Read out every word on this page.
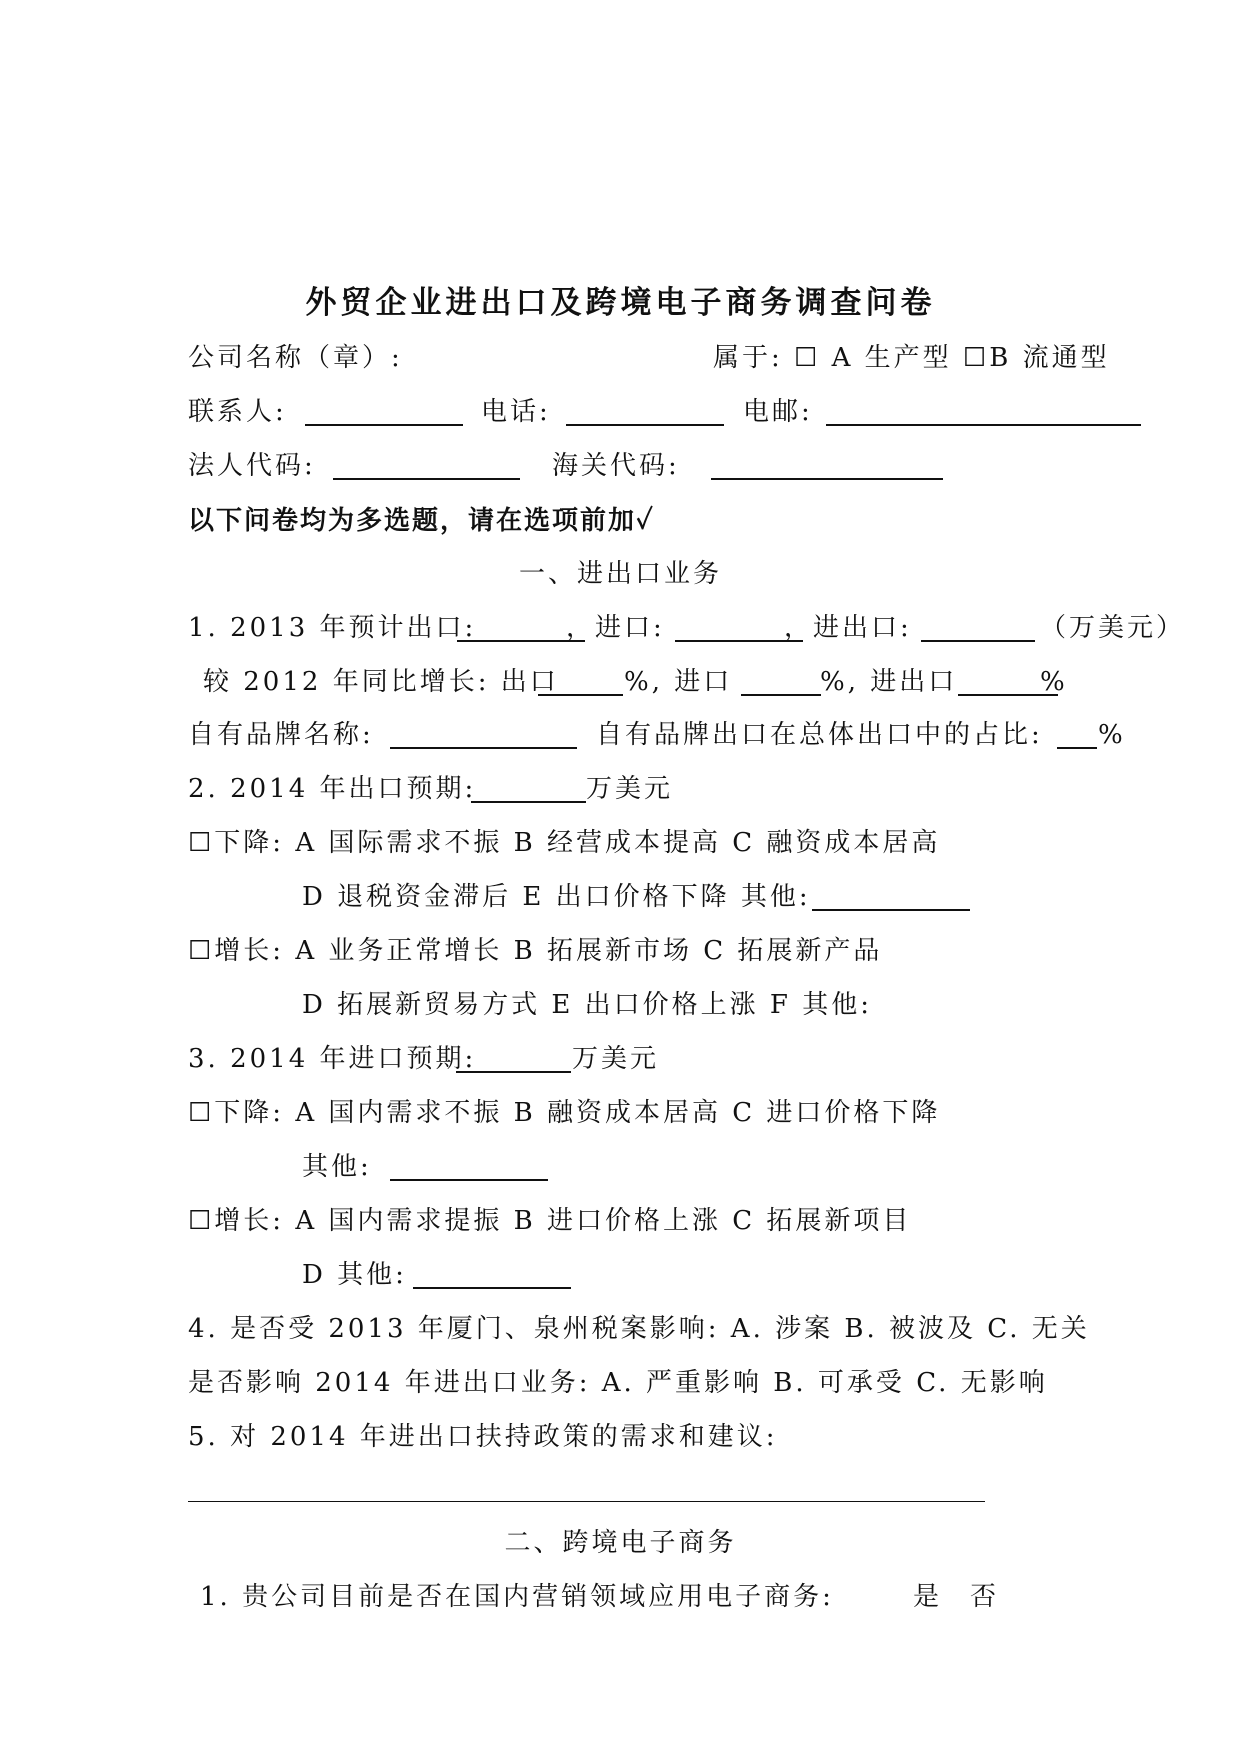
外贸企业进出口及跨境电子商务调查问卷
公司名称（章）:	属于: ☐ A 生产型 ☐B 流通型
联系人:	电话:	电邮:
法人代码:	海关代码:
以下问卷均为多选题，请在选项前加✓
一、进出口业务
1. 2013 年预计出口:	，进口:	，进出口:	（万美元）
较 2012 年同比增长: 出口	%, 进口	%, 进出口	%
自有品牌名称:	自有品牌出口在总体出口中的占比: %
2. 2014 年出口预期:	万美元
☐下降: A 国际需求不振 B 经营成本提高 C 融资成本居高
D 退税资金滞后 E 出口价格下降 其他:
☐增长: A 业务正常增长 B 拓展新市场 C 拓展新产品
D 拓展新贸易方式 E 出口价格上涨 F 其他:
3. 2014 年进口预期:	万美元
☐下降: A 国内需求不振 B 融资成本居高 C 进口价格下降
其他:
☐增长: A 国内需求提振 B 进口价格上涨 C 拓展新项目
D 其他:
4. 是否受 2013 年厦门、泉州税案影响: A. 涉案 B. 被波及 C. 无关
是否影响 2014 年进出口业务: A. 严重影响 B. 可承受 C. 无影响
5. 对 2014 年进出口扶持政策的需求和建议:
二、跨境电子商务
1. 贵公司目前是否在国内营销领域应用电子商务:	是 否
